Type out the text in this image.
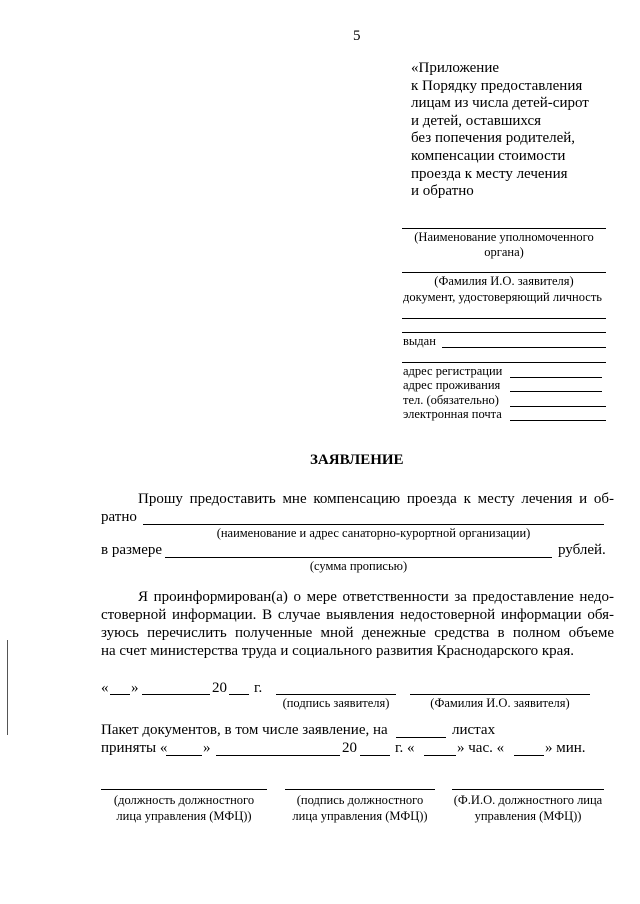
5
«Приложение
к Порядку предоставления
лицам из числа детей-сирот
и детей, оставшихся
без попечения родителей,
компенсации стоимости
проезда к месту лечения
и обратно
(Наименование уполномоченного
органа)
(Фамилия И.О. заявителя)
документ, удостоверяющий личность
выдан
адрес регистрации
адрес проживания
тел. (обязательно)
электронная почта
ЗАЯВЛЕНИЕ
Прошу предоставить мне компенсацию проезда к месту лечения и об-
ратно
(наименование и адрес санаторно-курортной организации)
в размере	рублей.
(сумма прописью)
Я проинформирован(а) о мере ответственности за предоставление недо-
стоверной информации. В случае выявления недостоверной информации обя-
зуюсь перечислить полученные мной денежные средства в полном объеме
на счет министерства труда и социального развития Краснодарского края.
« »	20 г.
(подпись заявителя)	(Фамилия И.О. заявителя)
Пакет документов, в том числе заявление, на	листах
приняты « »	20	г. «	» час. «	» мин.
(должность должностного
лица управления (МФЦ))
(подпись должностного
лица управления (МФЦ))
(Ф.И.О. должностного лица
управления (МФЦ))
